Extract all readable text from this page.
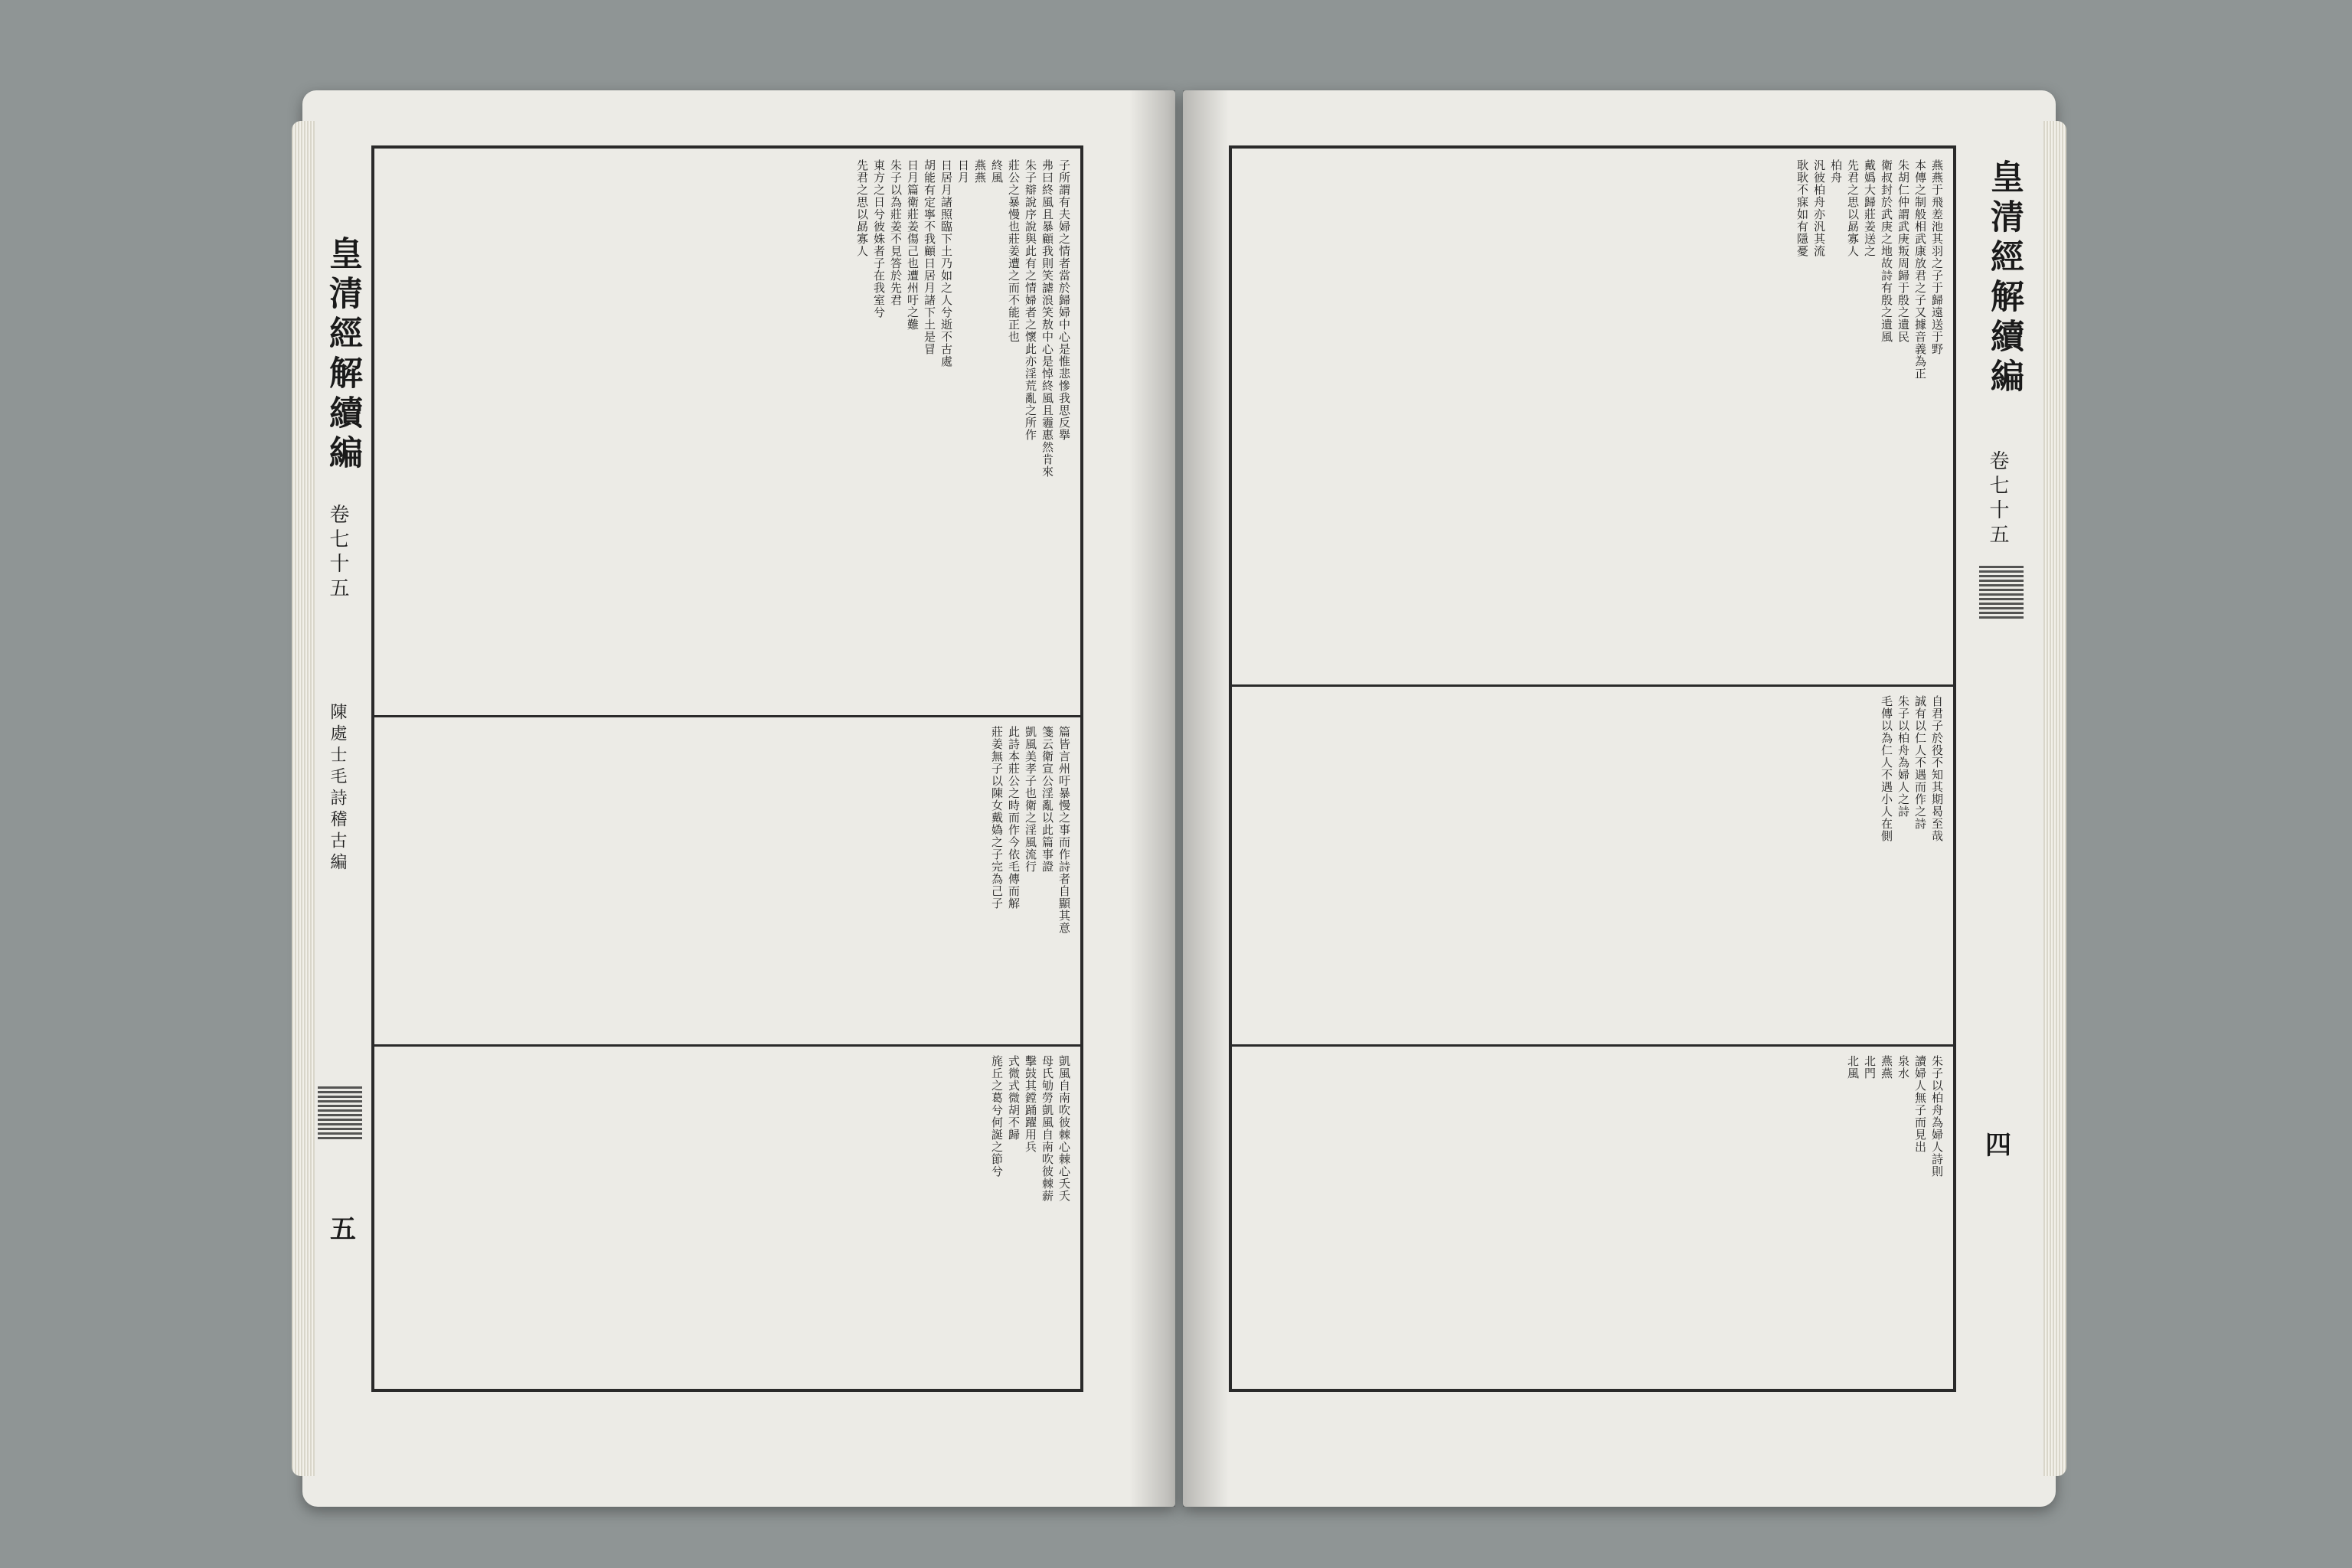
子所謂有夫婦之情者當於歸婦中心是惟悲慘我思反擧
弗曰終風且暴顧我則笑謔浪笑敖中心是悼終風且霾惠然肯來
朱子辯說序說與此有之情婦者之懷此亦淫荒亂之所作
莊公之暴慢也莊姜遭之而不能正也
終風
燕燕
日月
日居月諸照臨下土乃如之人兮逝不古處
胡能有定寧不我顧日居月諸下土是冒
日月篇衛莊姜傷己也遭州吁之難
朱子以為莊姜不見答於先君
東方之日兮彼姝者子在我室兮
先君之思以勗寡人
篇皆言州吁暴慢之事而作詩者自顯其意
箋云衛宣公淫亂以此篇事證
凱風美孝子也衛之淫風流行
此詩本莊公之時而作今依毛傳而解
莊姜無子以陳女戴媯之子完為己子
凱風自南吹彼棘心棘心夭夭
母氏劬勞凱風自南吹彼棘薪
擊鼓其鏜踊躍用兵
式微式微胡不歸
旄丘之葛兮何誕之節兮
皇清經解續編
卷七十五
陳處士毛詩稽古編
五
燕燕于飛差池其羽之子于歸遠送于野
本傳之制般相武康放君之子又據音義為正
朱胡仁仲謂武庚叛周歸于殷之遺民
衛叔封於武庚之地故詩有殷之遺風
戴嬀大歸莊姜送之
先君之思以勗寡人
柏舟
汎彼柏舟亦汎其流
耿耿不寐如有隱憂
自君子於役不知其期曷至哉
誠有以仁人不遇而作之詩
朱子以柏舟為婦人之詩
毛傳以為仁人不遇小人在側
朱子以柏舟為婦人詩則
讀婦人無子而見出
泉水
燕燕
北門
北風
皇清經解續編
卷七十五
四
